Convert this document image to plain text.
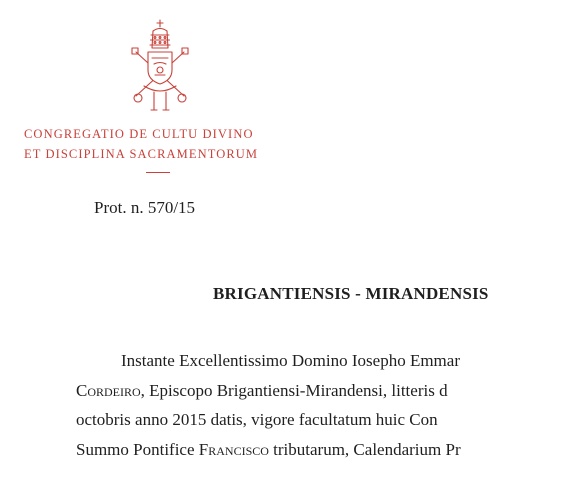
CONGREGATIO DE CULTU DIVINO
ET DISCIPLINA SACRAMENTORUM
Prot. n. 570/15
BRIGANTIENSIS - MIRANDENSIS
Instante Excellentissimo Domino Iosepho Emmar
Cordeiro, Episcopo Brigantiensi-Mirandensi, litteris d
octobris anno 2015 datis, vigore facultatum huic Con
Summo Pontifice Francisco tributarum, Calendarium Pr
